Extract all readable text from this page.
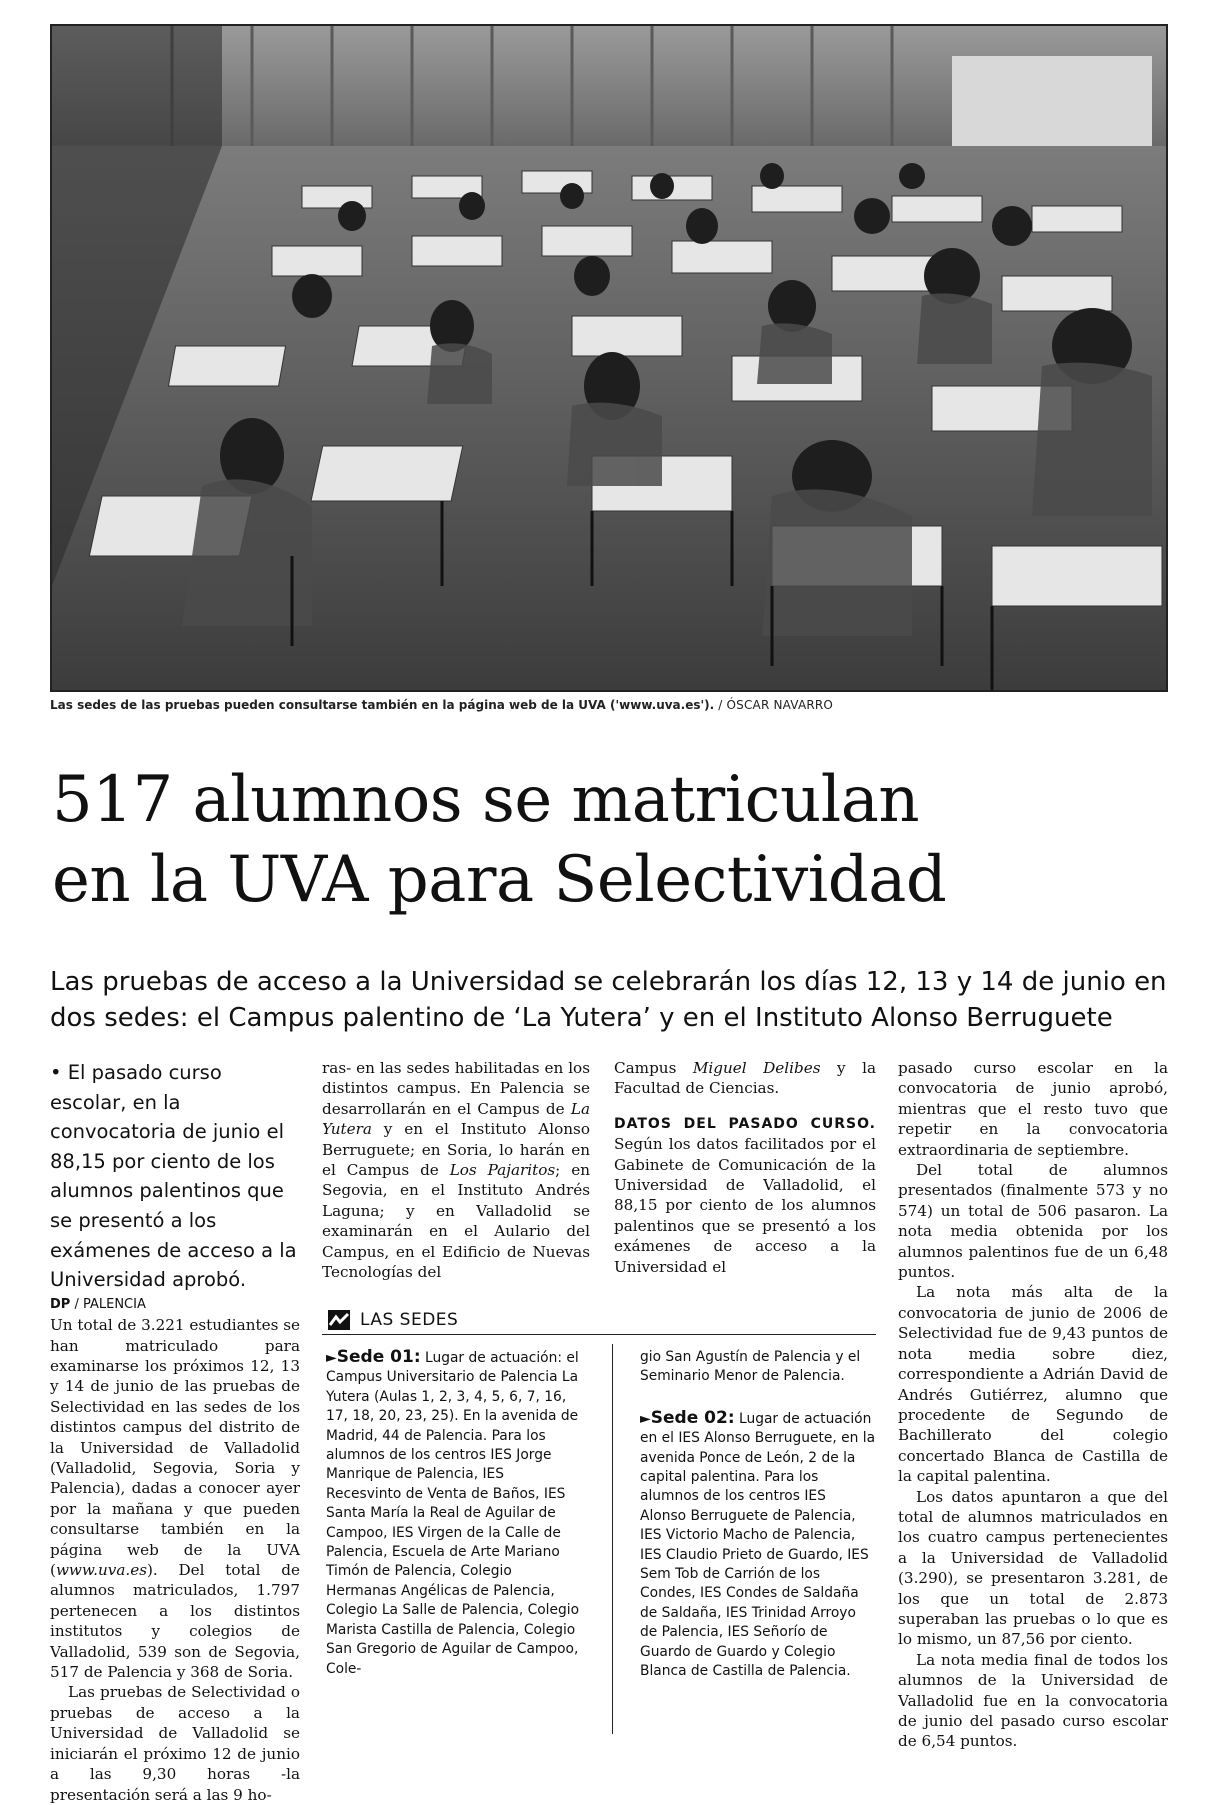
Las sedes de las pruebas pueden consultarse también en la página web de la UVA ('www.uva.es'). / ÓSCAR NAVARRO
517 alumnos se matriculan
en la UVA para Selectividad
Las pruebas de acceso a la Universidad se celebrarán los días 12, 13 y 14 de junio en dos sedes: el Campus palentino de ‘La Yutera’ y en el Instituto Alonso Berruguete

• El pasado curso escolar, en la convocatoria de junio el 88,15 por ciento de los alumnos palentinos que se presentó a los exámenes de acceso a la Universidad aprobó.

DP / PALENCIA

Un total de 3.221 estudiantes se han matriculado para examinarse los próximos 12, 13 y 14 de junio de las pruebas de Selectividad en las sedes de los distintos campus del distrito de la Universidad de Valladolid (Valladolid, Segovia, Soria y Palencia), dadas a conocer ayer por la mañana y que pueden consultarse también en la página web de la UVA (www.uva.es). Del total de alumnos matriculados, 1.797 pertenecen a los distintos institutos y colegios de Valladolid, 539 son de Segovia, 517 de Palencia y 368 de Soria.

Las pruebas de Selectividad o pruebas de acceso a la Universidad de Valladolid se iniciarán el próximo 12 de junio a las 9,30 horas -la presentación será a las 9 ho-

ras- en las sedes habilitadas en los distintos campus. En Palencia se desarrollarán en el Campus de La Yutera y en el Instituto Alonso Berruguete; en Soria, lo harán en el Campus de Los Pajaritos; en Segovia, en el Instituto Andrés Laguna; y en Valladolid se examinarán en el Aulario del Campus, en el Edificio de Nuevas Tecnologías del

Campus Miguel Delibes y la Facultad de Ciencias.

DATOS DEL PASADO CURSO. Según los datos facilitados por el Gabinete de Comunicación de la Universidad de Valladolid, el 88,15 por ciento de los alumnos palentinos que se presentó a los exámenes de acceso a la Universidad el

pasado curso escolar en la convocatoria de junio aprobó, mientras que el resto tuvo que repetir en la convocatoria extraordinaria de septiembre.

Del total de alumnos presentados (finalmente 573 y no 574) un total de 506 pasaron. La nota media obtenida por los alumnos palentinos fue de un 6,48 puntos.

La nota más alta de la convocatoria de junio de 2006 de Selectividad fue de 9,43 puntos de nota media sobre diez, correspondiente a Adrián David de Andrés Gutiérrez, alumno que procedente de Segundo de Bachillerato del colegio concertado Blanca de Castilla de la capital palentina.

Los datos apuntaron a que del total de alumnos matriculados en los cuatro campus pertenecientes a la Universidad de Valladolid (3.290), se presentaron 3.281, de los que un total de 2.873 superaban las pruebas o lo que es lo mismo, un 87,56 por ciento.

La nota media final de todos los alumnos de la Universidad de Valladolid fue en la convocatoria de junio del pasado curso escolar de 6,54 puntos.

LAS SEDES
►Sede 01: Lugar de actuación: el Campus Universitario de Palencia La Yutera (Aulas 1, 2, 3, 4, 5, 6, 7, 16, 17, 18, 20, 23, 25). En la avenida de Madrid, 44 de Palencia. Para los alumnos de los centros IES Jorge Manrique de Palencia, IES Recesvinto de Venta de Baños, IES Santa María la Real de Aguilar de Campoo, IES Virgen de la Calle de Palencia, Escuela de Arte Mariano Timón de Palencia, Colegio Hermanas Angélicas de Palencia, Colegio La Salle de Palencia, Colegio Marista Castilla de Palencia, Colegio San Gregorio de Aguilar de Campoo, Cole-
gio San Agustín de Palencia y el Seminario Menor de Palencia.
►Sede 02: Lugar de actuación en el IES Alonso Berruguete, en la avenida Ponce de León, 2 de la capital palentina. Para los alumnos de los centros IES Alonso Berruguete de Palencia, IES Victorio Macho de Palencia, IES Claudio Prieto de Guardo, IES Sem Tob de Carrión de los Condes, IES Condes de Saldaña de Saldaña, IES Trinidad Arroyo de Palencia, IES Señorío de Guardo de Guardo y Colegio Blanca de Castilla de Palencia.
